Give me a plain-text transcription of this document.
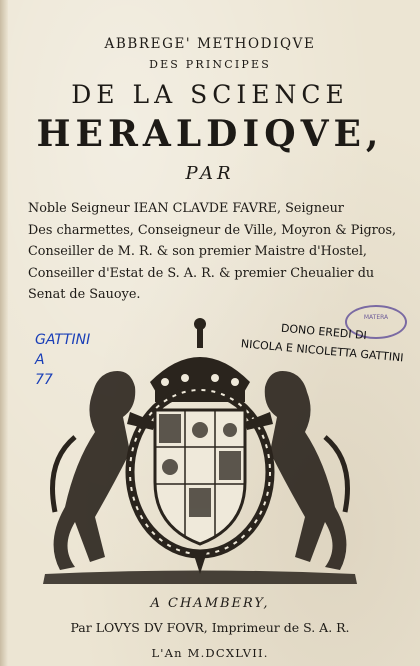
ABBREGE' METHODIQVE
DES PRINCIPES
DE LA SCIENCE
HERALDIQVE,
PAR
Noble Seigneur IEAN CLAVDE FAVRE, Seigneur
Des charmettes, Conseigneur de Ville, Moyron & Pigros,
Conseiller de M. R. & son premier Maistre d'Hostel,
Conseiller d'Estat de S. A. R. & premier Cheualier du
Senat de Sauoye.
GATTINI
A
77
MATERA
DONO EREDI DI
NICOLA E NICOLETTA GATTINI
A CHAMBERY,
Par LOVYS DV FOVR, Imprimeur de S. A. R.
L'An M.DCXLVII.
